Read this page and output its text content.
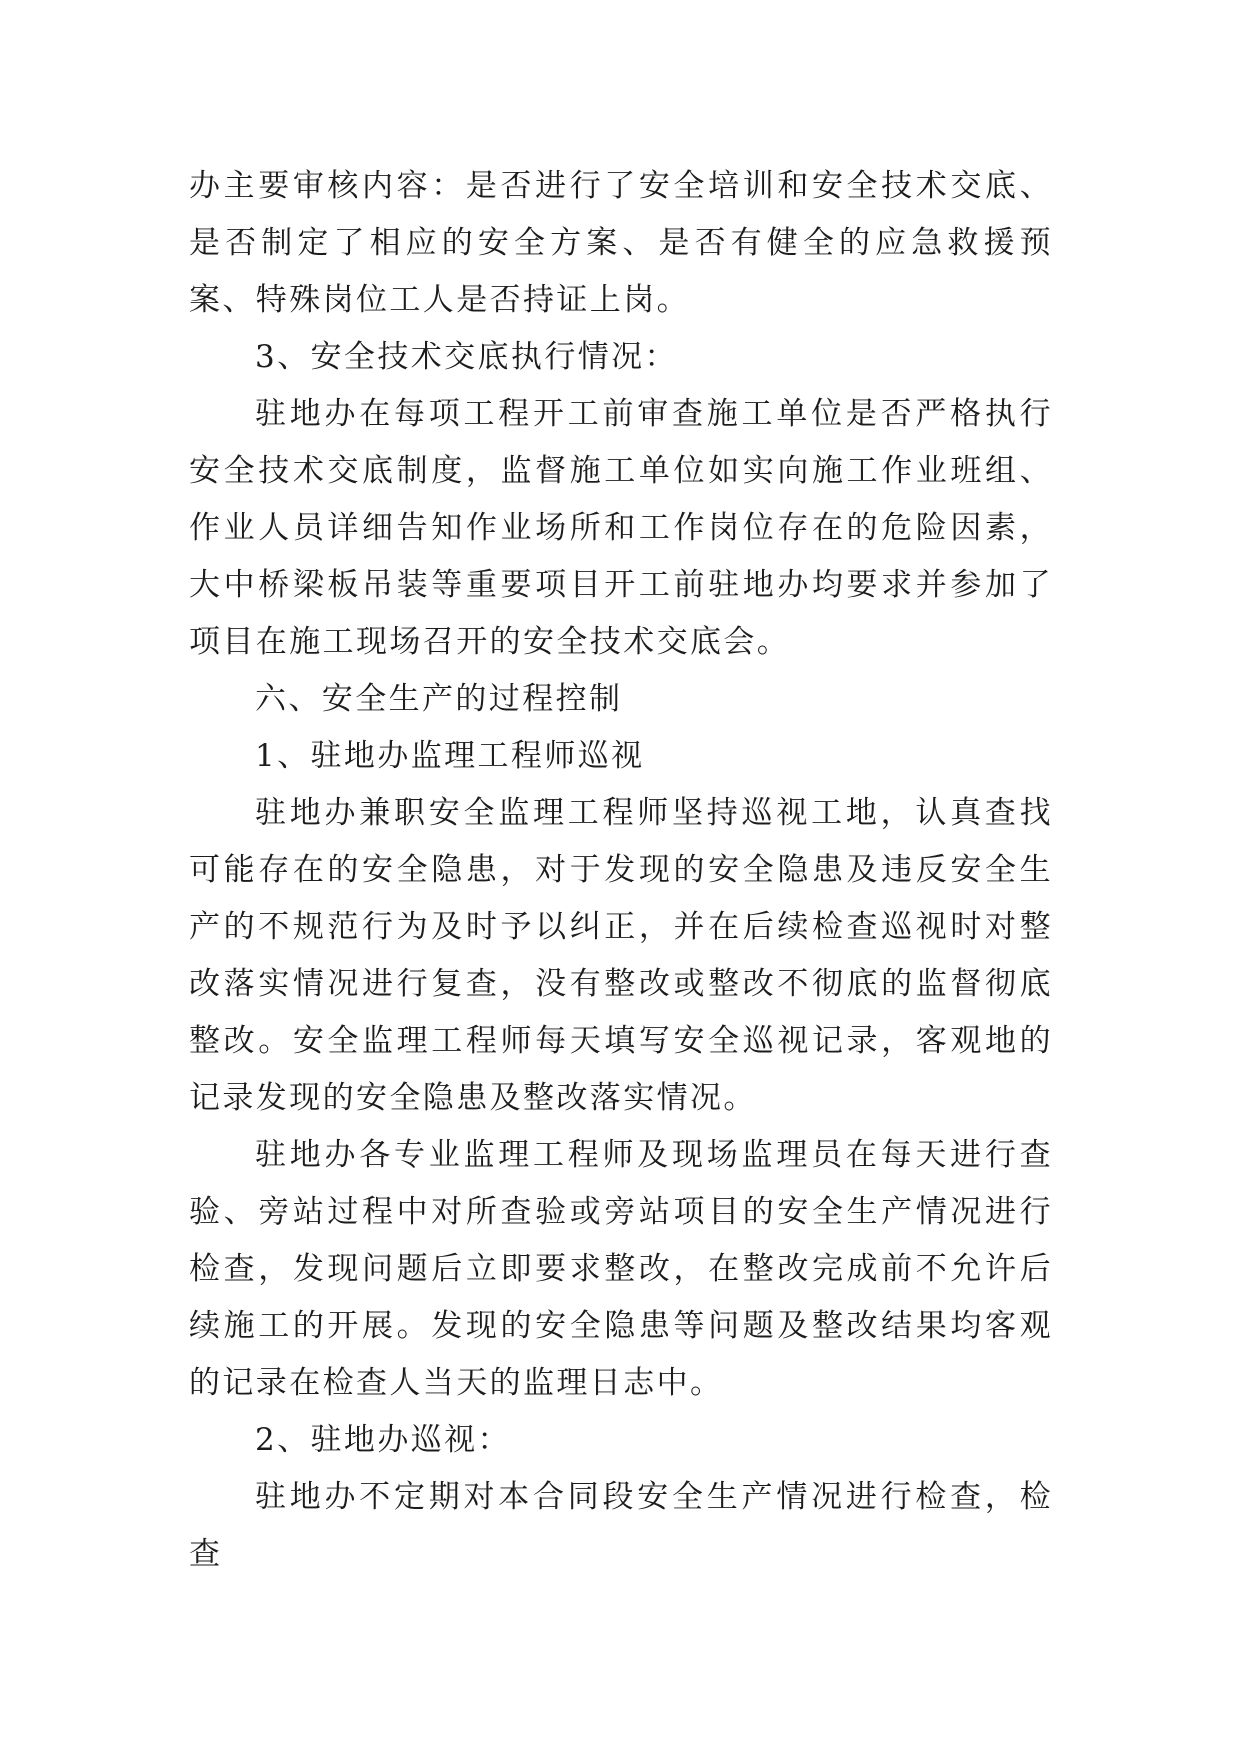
办主要审核内容：是否进行了安全培训和安全技术交底、是否制定了相应的安全方案、是否有健全的应急救援预案、特殊岗位工人是否持证上岗。

3、安全技术交底执行情况：

驻地办在每项工程开工前审查施工单位是否严格执行安全技术交底制度，监督施工单位如实向施工作业班组、作业人员详细告知作业场所和工作岗位存在的危险因素，大中桥梁板吊装等重要项目开工前驻地办均要求并参加了项目在施工现场召开的安全技术交底会。

六、安全生产的过程控制

1、驻地办监理工程师巡视

驻地办兼职安全监理工程师坚持巡视工地，认真查找可能存在的安全隐患，对于发现的安全隐患及违反安全生产的不规范行为及时予以纠正，并在后续检查巡视时对整改落实情况进行复查，没有整改或整改不彻底的监督彻底整改。安全监理工程师每天填写安全巡视记录，客观地的记录发现的安全隐患及整改落实情况。

驻地办各专业监理工程师及现场监理员在每天进行查验、旁站过程中对所查验或旁站项目的安全生产情况进行检查，发现问题后立即要求整改，在整改完成前不允许后续施工的开展。发现的安全隐患等问题及整改结果均客观的记录在检查人当天的监理日志中。

2、驻地办巡视：

驻地办不定期对本合同段安全生产情况进行检查，检查
